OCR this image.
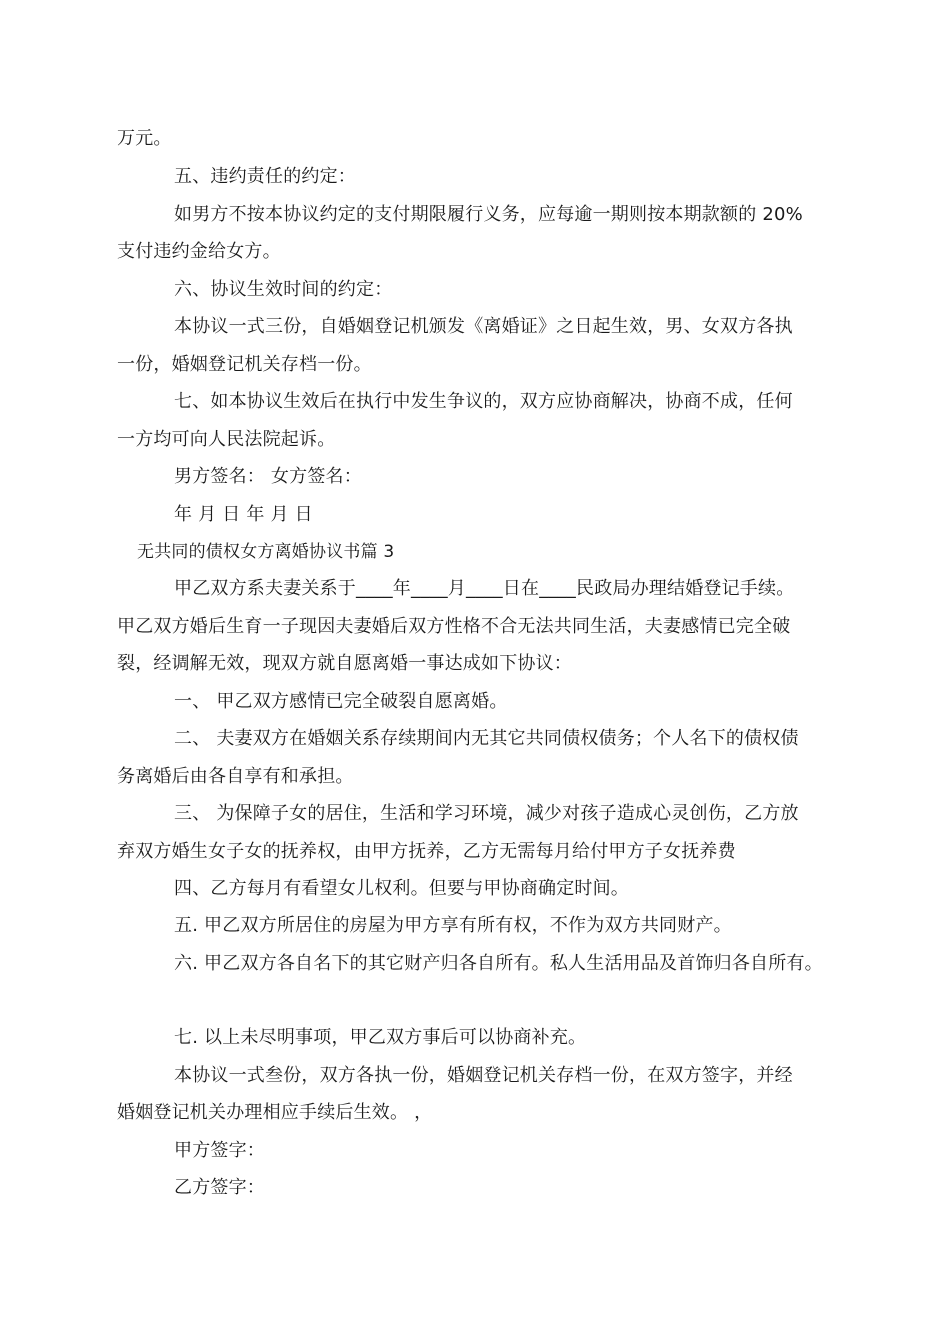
万元。
五、违约责任的约定：
如男方不按本协议约定的支付期限履行义务，应每逾一期则按本期款额的 20%
支付违约金给女方。
六、协议生效时间的约定：
本协议一式三份，自婚姻登记机颁发《离婚证》之日起生效，男、女双方各执
一份，婚姻登记机关存档一份。
七、如本协议生效后在执行中发生争议的，双方应协商解决，协商不成，任何
一方均可向人民法院起诉。
男方签名： 女方签名：
年 月 日 年 月 日
无共同的债权女方离婚协议书篇 3
甲乙双方系夫妻关系于____年____月____日在____民政局办理结婚登记手续。
甲乙双方婚后生育一子现因夫妻婚后双方性格不合无法共同生活，夫妻感情已完全破
裂，经调解无效，现双方就自愿离婚一事达成如下协议：
一、 甲乙双方感情已完全破裂自愿离婚。
二、 夫妻双方在婚姻关系存续期间内无其它共同债权债务；个人名下的债权债
务离婚后由各自享有和承担。
三、 为保障子女的居住，生活和学习环境，减少对孩子造成心灵创伤，乙方放
弃双方婚生女子女的抚养权，由甲方抚养，乙方无需每月给付甲方子女抚养费
四、乙方每月有看望女儿权利。但要与甲协商确定时间。
五. 甲乙双方所居住的房屋为甲方享有所有权，不作为双方共同财产。
六. 甲乙双方各自名下的其它财产归各自所有。私人生活用品及首饰归各自所有。
七. 以上未尽明事项，甲乙双方事后可以协商补充。
本协议一式叁份，双方各执一份，婚姻登记机关存档一份，在双方签字，并经
婚姻登记机关办理相应手续后生效。 ，
甲方签字：
乙方签字：
